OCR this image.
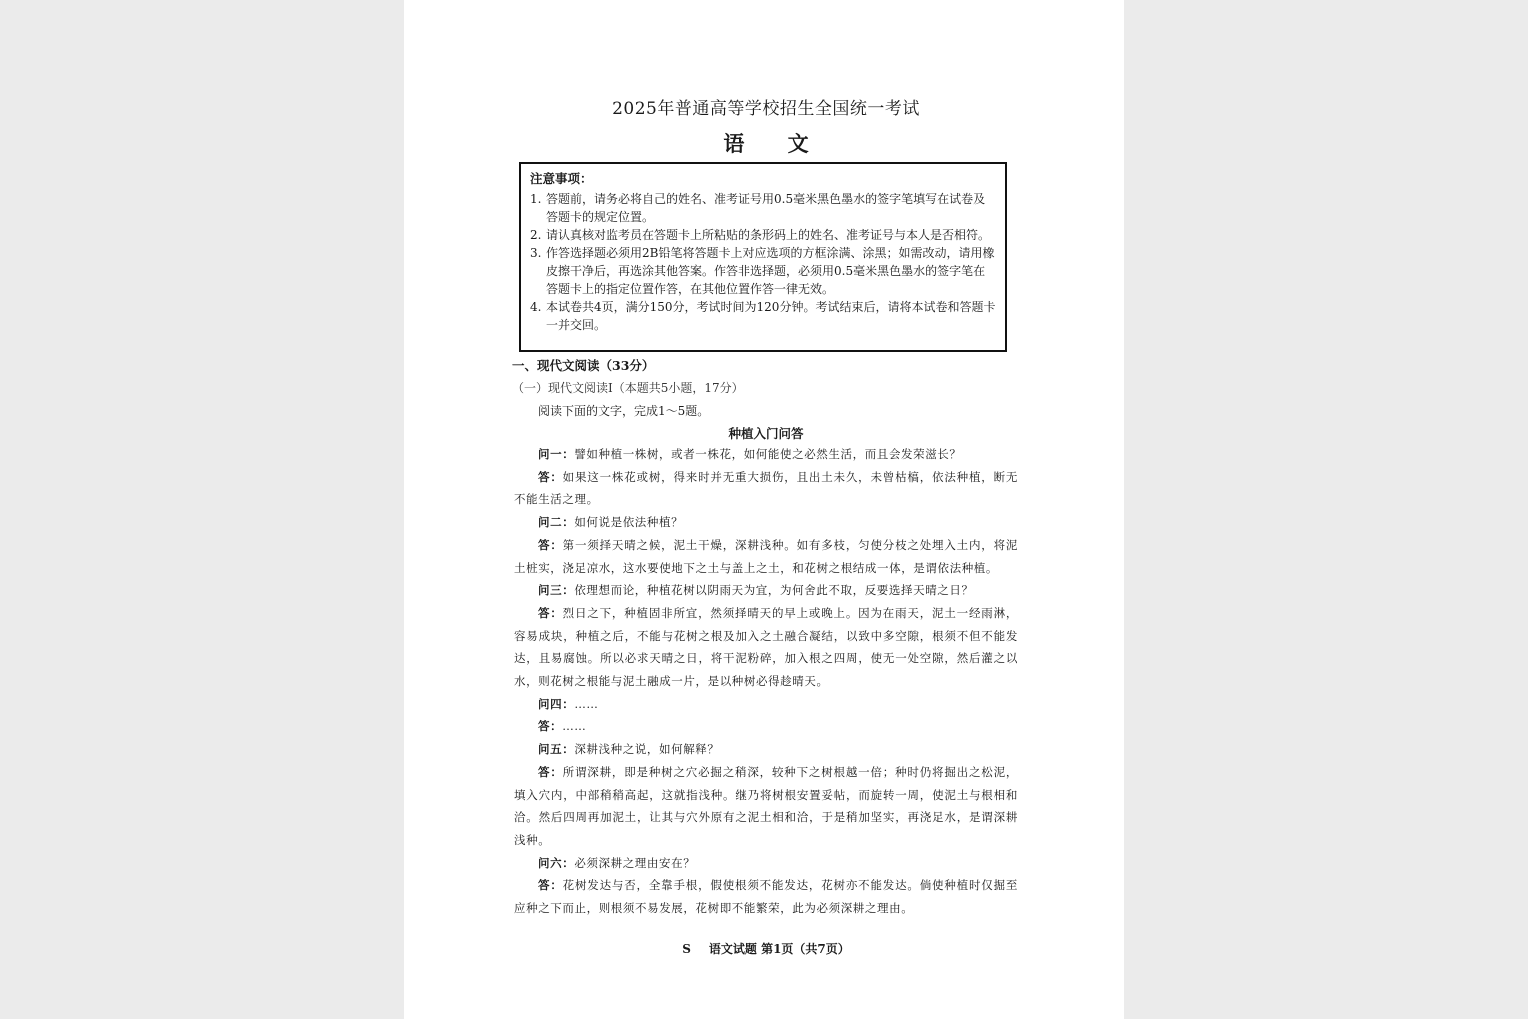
2025年普通高等学校招生全国统一考试
语 文
注意事项：
1. 答题前，请务必将自己的姓名、准考证号用0.5毫米黑色墨水的签字笔填写在试卷及答题卡的规定位置。
2. 请认真核对监考员在答题卡上所粘贴的条形码上的姓名、准考证号与本人是否相符。
3. 作答选择题必须用2B铅笔将答题卡上对应选项的方框涂满、涂黑；如需改动，请用橡皮擦干净后，再选涂其他答案。作答非选择题，必须用0.5毫米黑色墨水的签字笔在答题卡上的指定位置作答，在其他位置作答一律无效。
4. 本试卷共4页，满分150分，考试时间为120分钟。考试结束后，请将本试卷和答题卡一并交回。
一、现代文阅读（33分）
（一）现代文阅读Ⅰ（本题共5小题，17分）
阅读下面的文字，完成1～5题。
种植入门问答

问一：譬如种植一株树，或者一株花，如何能使之必然生活，而且会发荣滋长？

答：如果这一株花或树，得来时并无重大损伤，且出土未久，未曾枯槁，依法种植，断无不能生活之理。

问二：如何说是依法种植？

答：第一须择天晴之候，泥土干燥，深耕浅种。如有多枝，匀使分枝之处埋入土内，将泥土桩实，浇足凉水，这水要使地下之土与盖上之土，和花树之根结成一体，是谓依法种植。

问三：依理想而论，种植花树以阴雨天为宜，为何舍此不取，反要选择天晴之日？

答：烈日之下，种植固非所宜，然须择晴天的早上或晚上。因为在雨天，泥土一经雨淋，容易成块，种植之后，不能与花树之根及加入之土融合凝结，以致中多空隙，根须不但不能发达，且易腐蚀。所以必求天晴之日，将干泥粉碎，加入根之四周，使无一处空隙，然后灌之以水，则花树之根能与泥土融成一片，是以种树必得趁晴天。

问四：……

答：……

问五：深耕浅种之说，如何解释？

答：所谓深耕，即是种树之穴必掘之稍深，较种下之树根越一倍；种时仍将掘出之松泥，填入穴内，中部稍稍高起，这就指浅种。继乃将树根安置妥帖，而旋转一周，使泥土与根相和洽。然后四周再加泥土，让其与穴外原有之泥土相和洽，于是稍加坚实，再浇足水，是谓深耕浅种。

问六：必须深耕之理由安在？

答：花树发达与否，全靠手根，假使根须不能发达，花树亦不能发达。倘使种植时仅掘至应种之下而止，则根须不易发展，花树即不能繁荣，此为必须深耕之理由。

S 语文试题 第1页（共7页）
